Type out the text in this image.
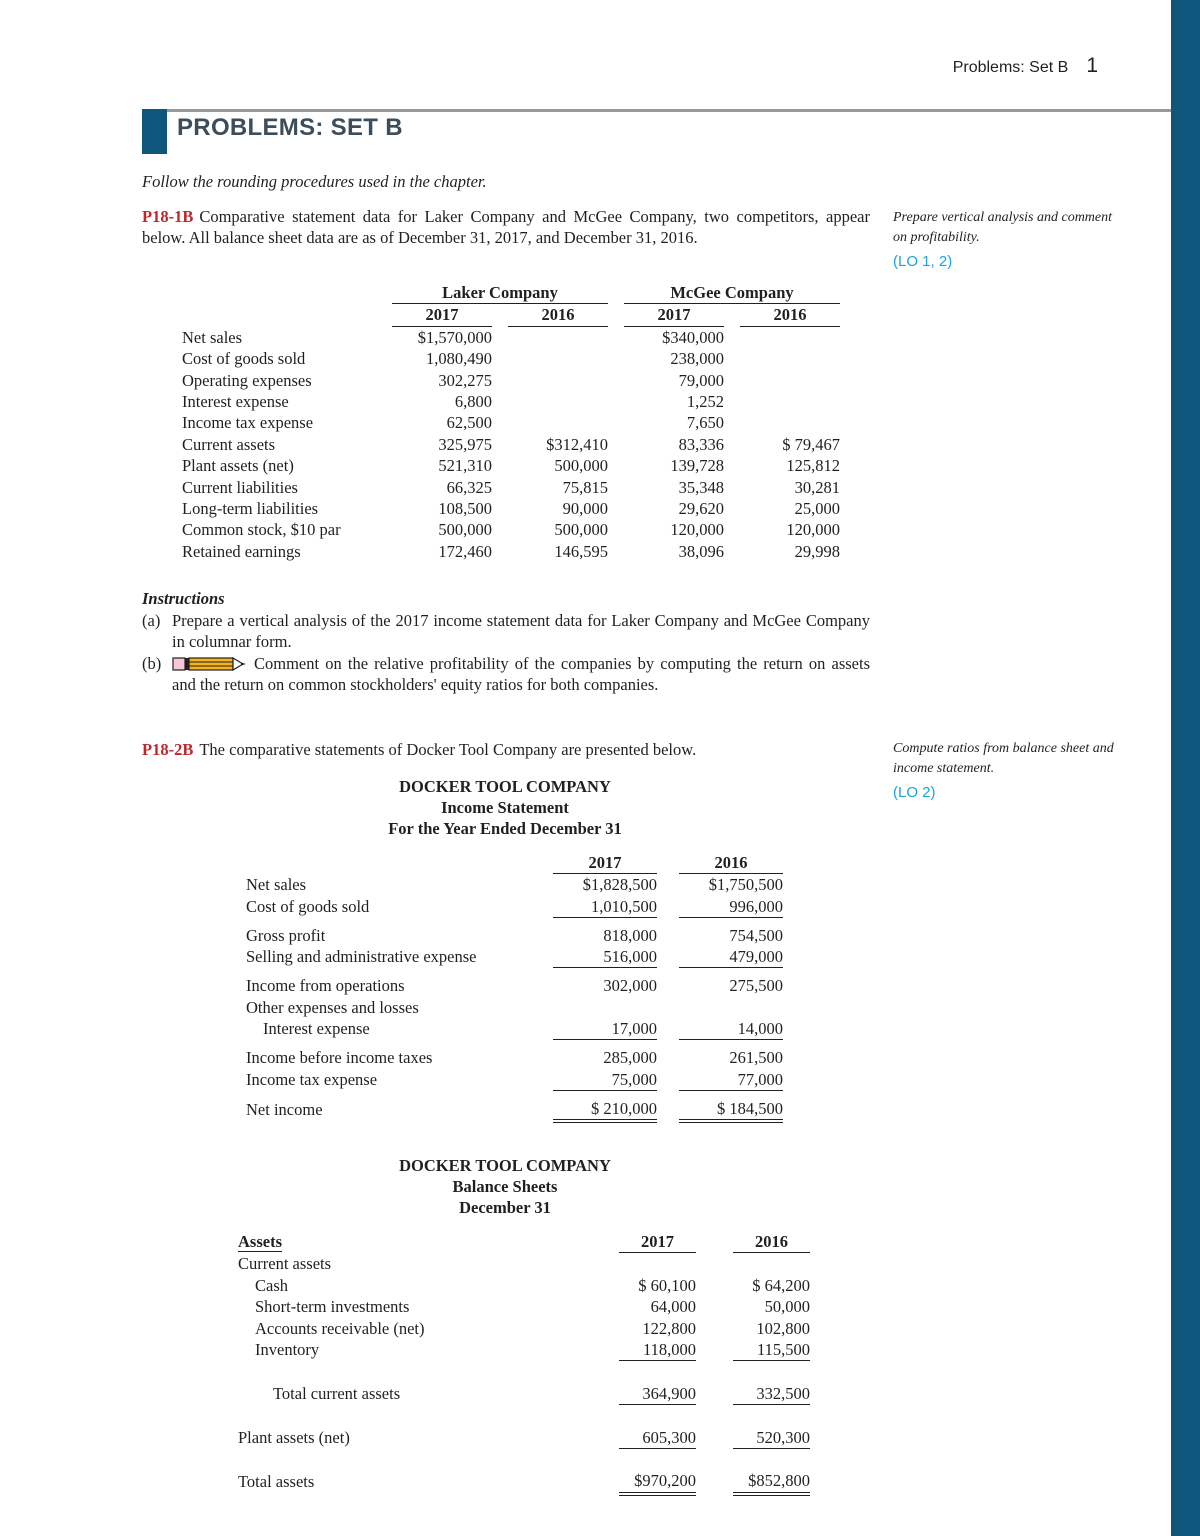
Problems: Set B 1
PROBLEMS: SET B
Follow the rounding procedures used in the chapter.
P18-1B Comparative statement data for Laker Company and McGee Company, two competitors, appear below. All balance sheet data are as of December 31, 2017, and December 31, 2016.
Prepare vertical analysis and comment on profitability.
(LO 1, 2)
	Laker Company				McGee Company		
	2017		2016		2017		2016
Net sales	$1,570,000				$340,000		
Cost of goods sold	1,080,490				238,000		
Operating expenses	302,275				79,000		
Interest expense	6,800				1,252		
Income tax expense	62,500				7,650		
Current assets	325,975		$312,410		83,336		$ 79,467
Plant assets (net)	521,310		500,000		139,728		125,812
Current liabilities	66,325		75,815		35,348		30,281
Long-term liabilities	108,500		90,000		29,620		25,000
Common stock, $10 par	500,000		500,000		120,000		120,000
Retained earnings	172,460		146,595		38,096		29,998
Instructions
(a) Prepare a vertical analysis of the 2017 income statement data for Laker Company and McGee Company in columnar form.
(b)	Comment on the relative profitability of the companies by computing the return on assets and the return on common stockholders' equity ratios for both companies.
P18-2B The comparative statements of Docker Tool Company are presented below.	Compute ratios from balance sheet and income statement.
(LO 2)
DOCKER TOOL COMPANY
Income Statement
For the Year Ended December 31
	2017		2016
Net sales	$1,828,500		$1,750,500
Cost of goods sold	1,010,500		996,000

Gross profit	818,000		754,500
Selling and administrative expense	516,000		479,000

Income from operations	302,000		275,500
Other expenses and losses			
Interest expense	17,000		14,000

Income before income taxes	285,000		261,500
Income tax expense	75,000		77,000

Net income	$ 210,000		$ 184,500
DOCKER TOOL COMPANY
Balance Sheets
December 31
Assets	2017		2016
Current assets			
Cash	$ 60,100		$ 64,200
Short-term investments	64,000		50,000
Accounts receivable (net)	122,800		102,800
Inventory	118,000		115,500

Total current assets	364,900		332,500

Plant assets (net)	605,300		520,300

Total assets	$970,200		$852,800
